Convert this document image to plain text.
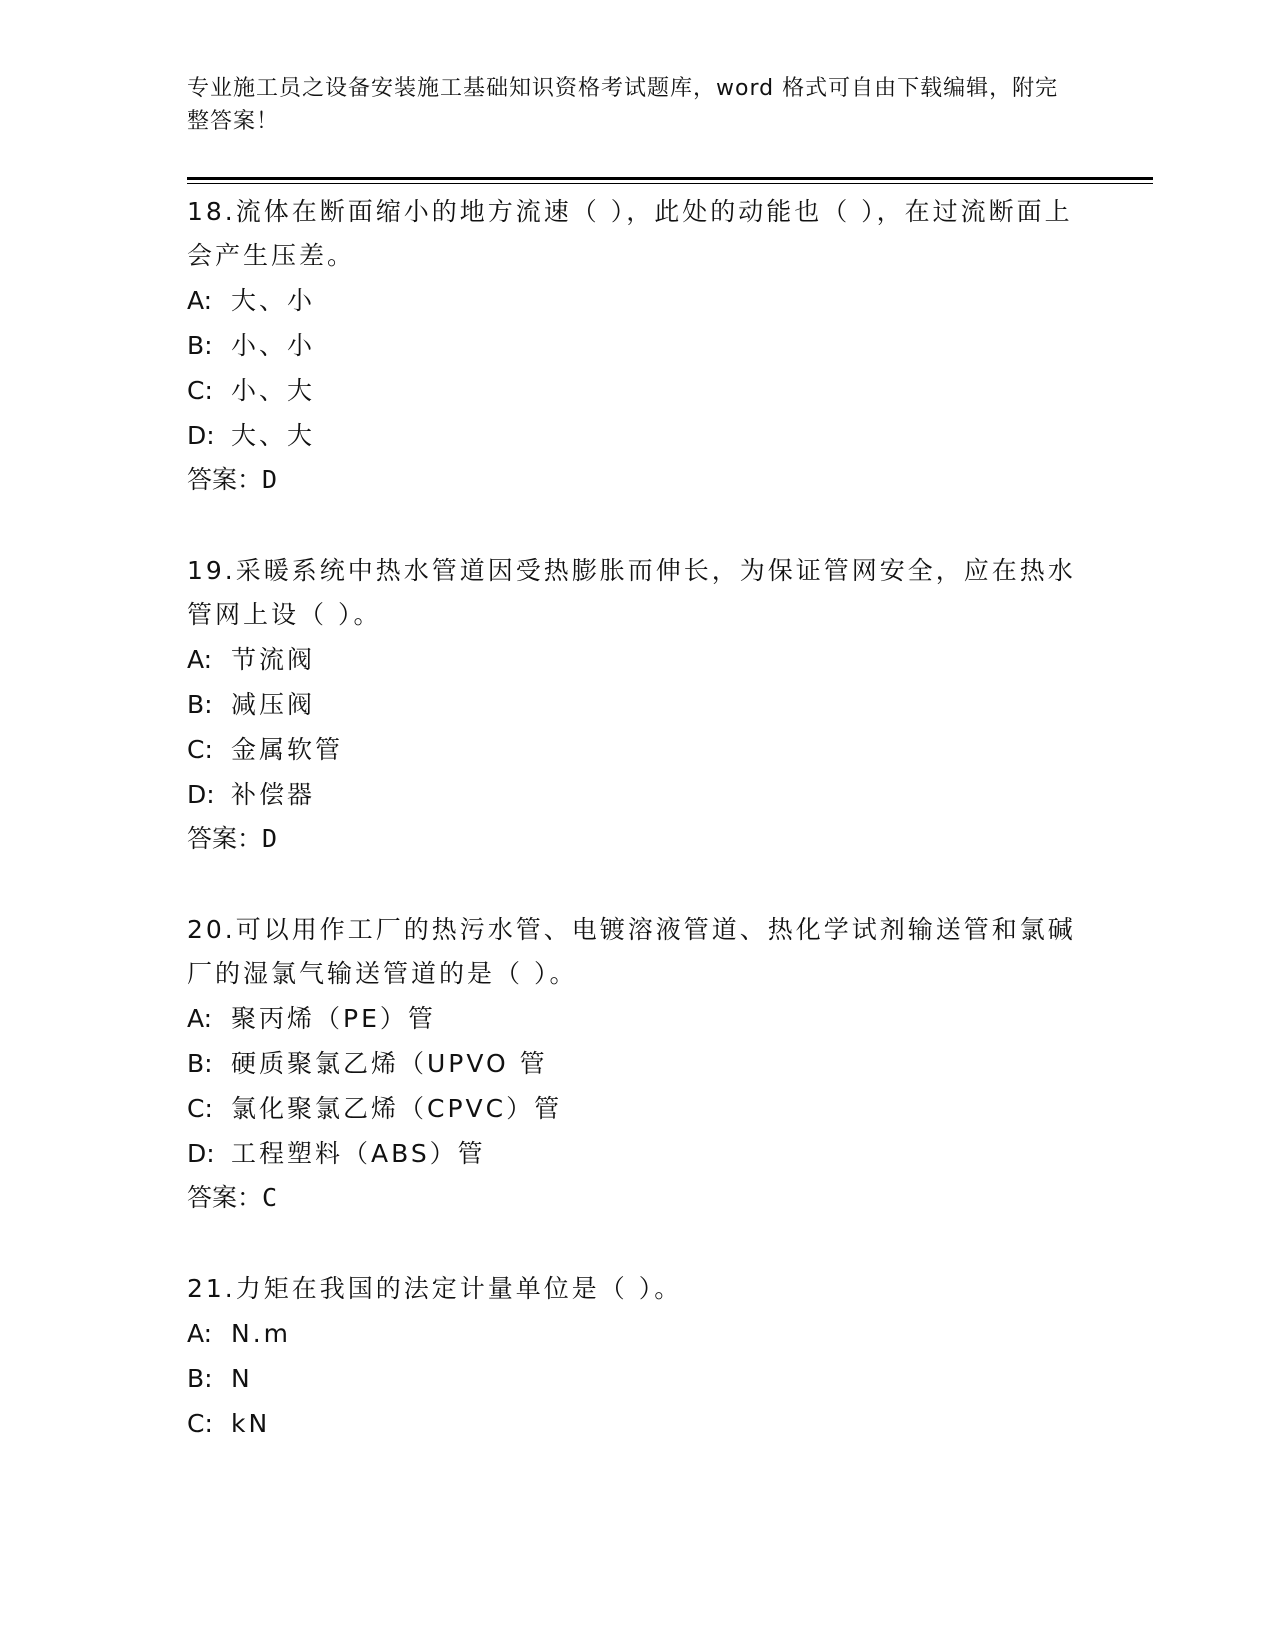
专业施工员之设备安装施工基础知识资格考试题库，word 格式可自由下载编辑，附完整答案！
18.流体在断面缩小的地方流速（ ），此处的动能也（ ），在过流断面上会产生压差。
A: 大、小
B: 小、小
C: 小、大
D: 大、大
答案：D
19.采暖系统中热水管道因受热膨胀而伸长，为保证管网安全，应在热水管网上设（ ）。
A: 节流阀
B: 减压阀
C: 金属软管
D: 补偿器
答案：D
20.可以用作工厂的热污水管、电镀溶液管道、热化学试剂输送管和氯碱厂的湿氯气输送管道的是（ ）。
A: 聚丙烯（PE）管
B: 硬质聚氯乙烯（UPVO 管
C: 氯化聚氯乙烯（CPVC）管
D: 工程塑料（ABS）管
答案：C
21.力矩在我国的法定计量单位是（ ）。
A: N.m
B: N
C: kN
